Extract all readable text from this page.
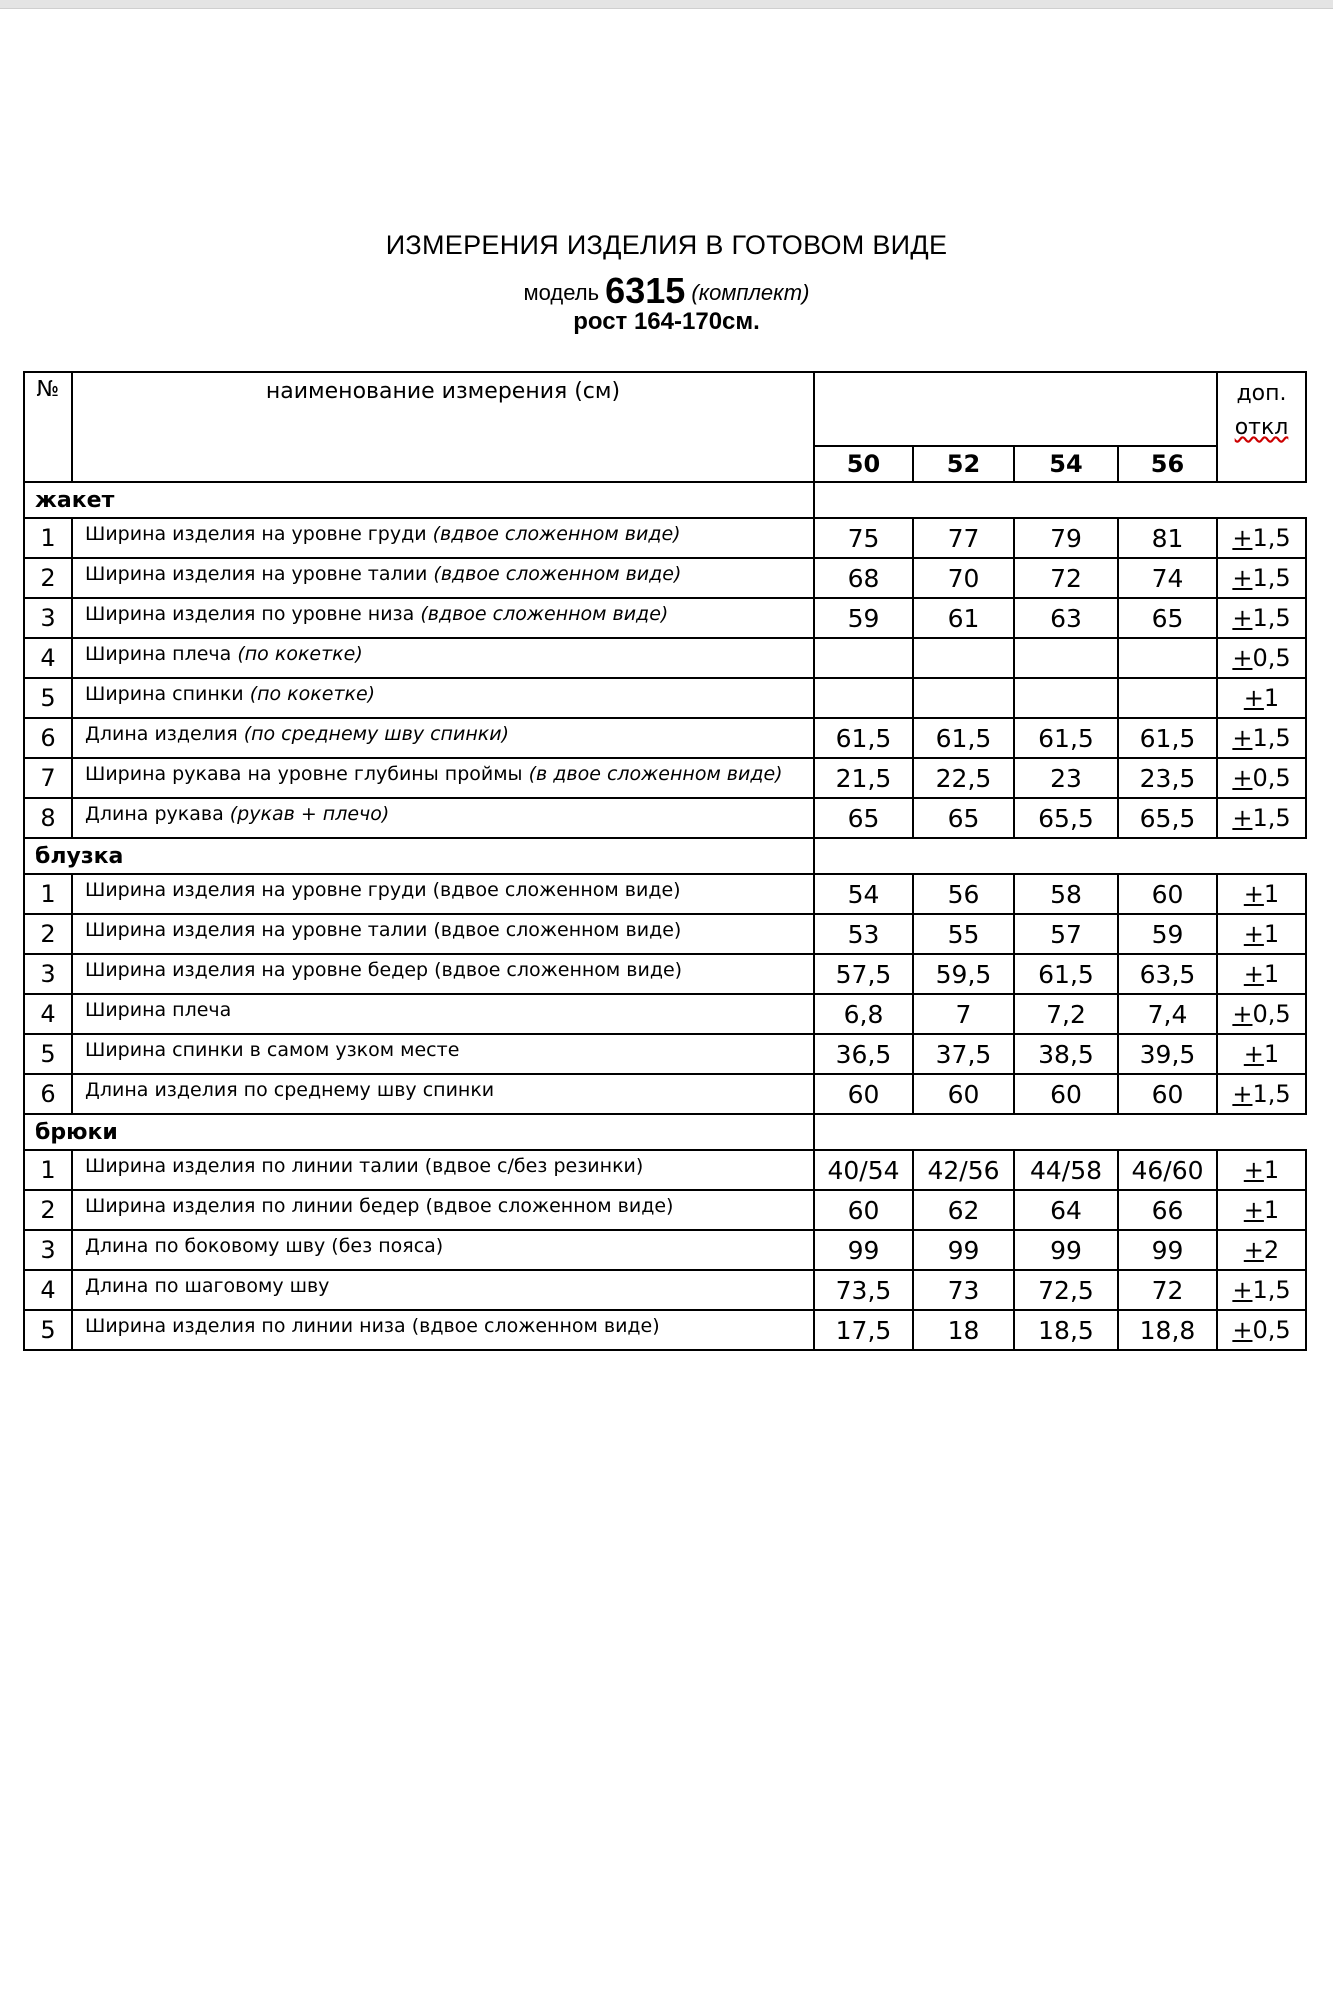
ИЗМЕРЕНИЯ ИЗДЕЛИЯ В ГОТОВОМ ВИДЕ
модель 6315 (комплект)
рост 164-170см.
№	наименование измерения (см)					доп.
откл

		50	52	54	56	
жакет						
1	Ширина изделия на уровне груди (вдвое сложенном виде)	75	77	79	81	+1,5
2	Ширина изделия на уровне талии (вдвое сложенном виде)	68	70	72	74	+1,5
3	Ширина изделия по уровне низа (вдвое сложенном виде)	59	61	63	65	+1,5
4	Ширина плеча (по кокетке)					+0,5
5	Ширина спинки (по кокетке)					+1
6	Длина изделия (по среднему шву спинки)	61,5	61,5	61,5	61,5	+1,5
7	Ширина рукава на уровне глубины проймы (в двое сложенном виде)	21,5	22,5	23	23,5	+0,5
8	Длина рукава (рукав + плечо)	65	65	65,5	65,5	+1,5
блузка						
1	Ширина изделия на уровне груди (вдвое сложенном виде)	54	56	58	60	+1
2	Ширина изделия на уровне талии (вдвое сложенном виде)	53	55	57	59	+1
3	Ширина изделия на уровне бедер (вдвое сложенном виде)	57,5	59,5	61,5	63,5	+1
4	Ширина плеча	6,8	7	7,2	7,4	+0,5
5	Ширина спинки в самом узком месте	36,5	37,5	38,5	39,5	+1
6	Длина изделия по среднему шву спинки	60	60	60	60	+1,5
брюки						
1	Ширина изделия по линии талии (вдвое с/без резинки)	40/54	42/56	44/58	46/60	+1
2	Ширина изделия по линии бедер (вдвое сложенном виде)	60	62	64	66	+1
3	Длина по боковому шву (без пояса)	99	99	99	99	+2
4	Длина по шаговому шву	73,5	73	72,5	72	+1,5
5	Ширина изделия по линии низа (вдвое сложенном виде)	17,5	18	18,5	18,8	+0,5
